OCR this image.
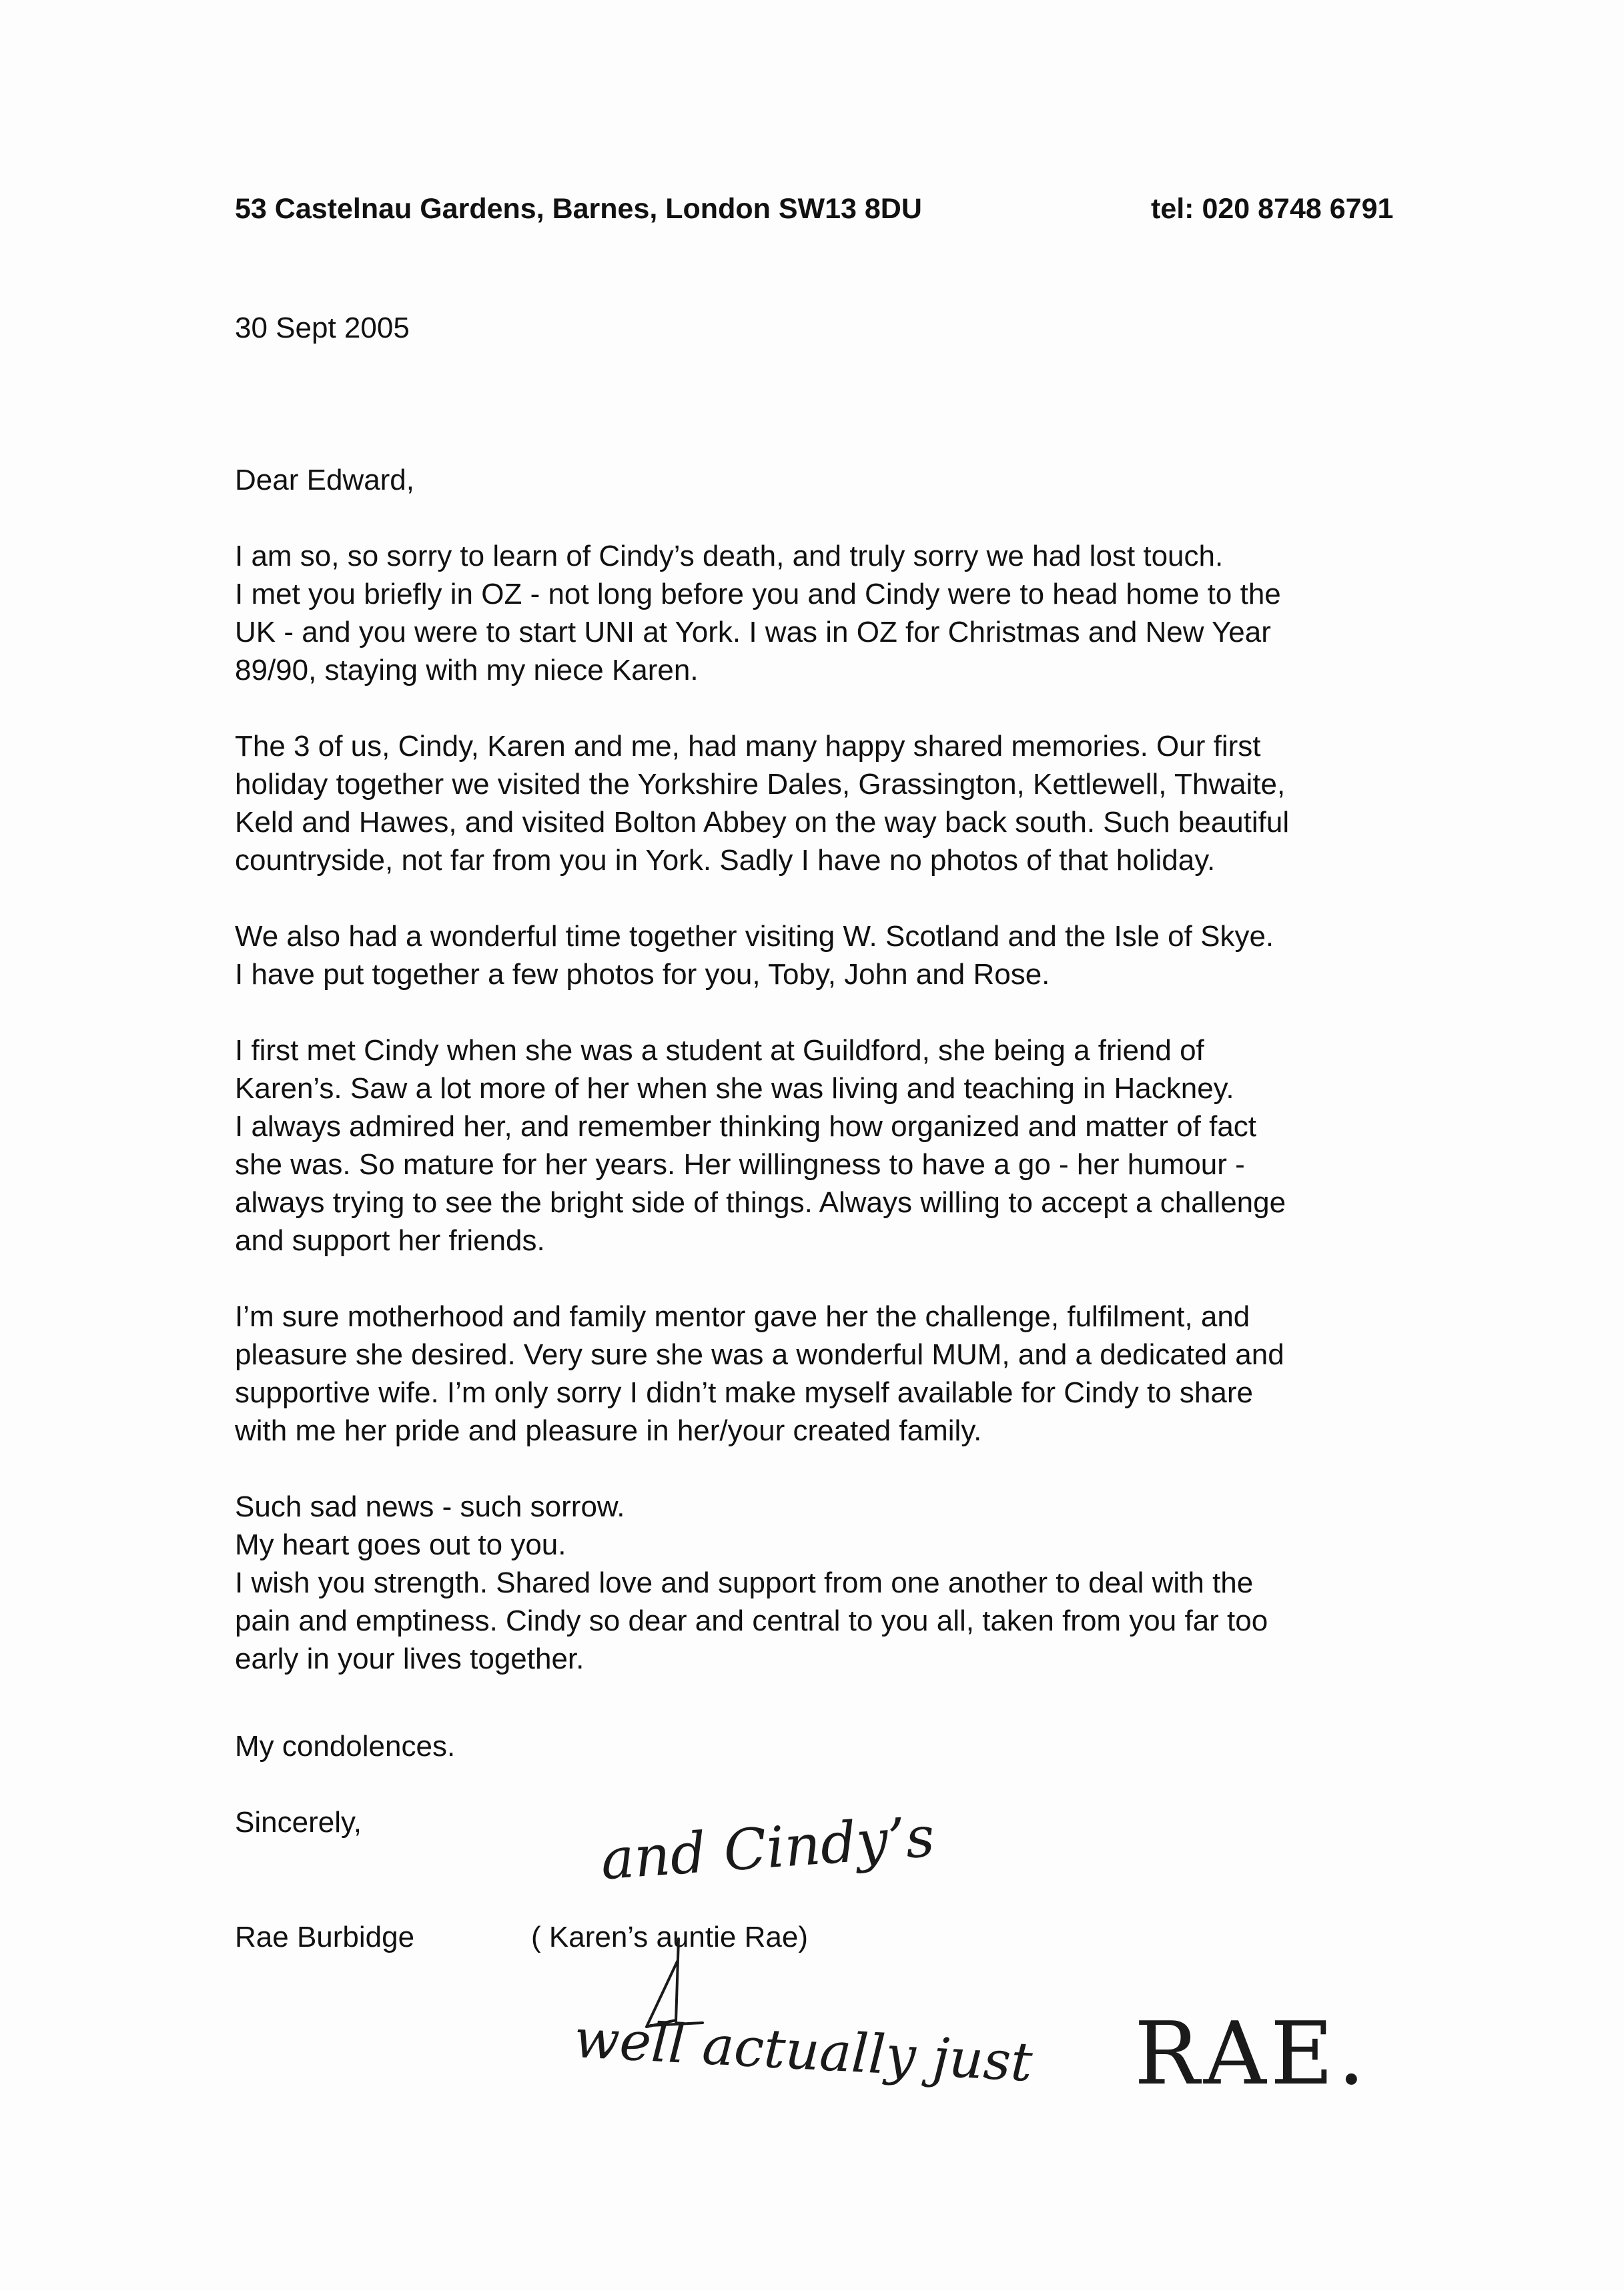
53 Castelnau Gardens, Barnes, London SW13 8DU	tel: 020 8748 6791
30 Sept 2005
Dear Edward,
I am so, so sorry to learn of Cindy’s death, and truly sorry we had lost touch.
I met you briefly in OZ - not long before you and Cindy were to head home to the
UK - and you were to start UNI at York. I was in OZ for Christmas and New Year
89/90, staying with my niece Karen.
The 3 of us, Cindy, Karen and me, had many happy shared memories. Our first
holiday together we visited the Yorkshire Dales, Grassington, Kettlewell, Thwaite,
Keld and Hawes, and visited Bolton Abbey on the way back south. Such beautiful
countryside, not far from you in York. Sadly I have no photos of that holiday.
We also had a wonderful time together visiting W. Scotland and the Isle of Skye.
I have put together a few photos for you, Toby, John and Rose.
I first met Cindy when she was a student at Guildford, she being a friend of
Karen’s. Saw a lot more of her when she was living and teaching in Hackney.
I always admired her, and remember thinking how organized and matter of fact
she was. So mature for her years. Her willingness to have a go - her humour -
always trying to see the bright side of things. Always willing to accept a challenge
and support her friends.
I’m sure motherhood and family mentor gave her the challenge, fulfilment, and
pleasure she desired. Very sure she was a wonderful MUM, and a dedicated and
supportive wife. I’m only sorry I didn’t make myself available for Cindy to share
with me her pride and pleasure in her/your created family.
Such sad news - such sorrow.
My heart goes out to you.
I wish you strength. Shared love and support from one another to deal with the
pain and emptiness. Cindy so dear and central to you all, taken from you far too
early in your lives together.
My condolences.
Sincerely,
Rae Burbidge	( Karen’s auntie Rae)
and Cindy’s
well actually just RAE.
